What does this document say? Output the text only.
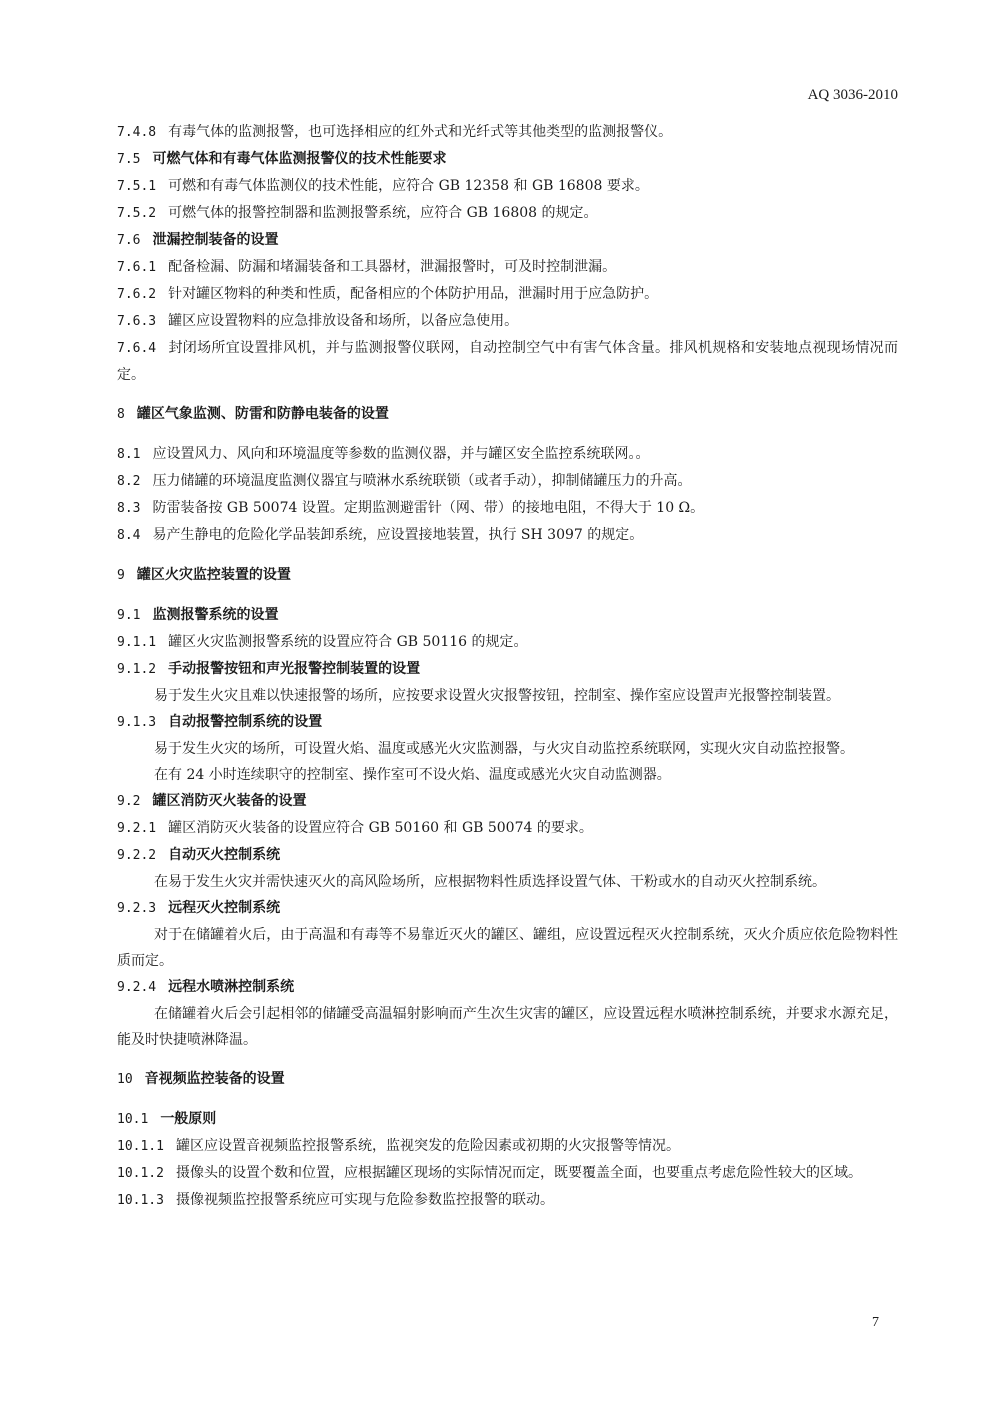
AQ 3036-2010
7.4.8 有毒气体的监测报警，也可选择相应的红外式和光纤式等其他类型的监测报警仪。
7.5 可燃气体和有毒气体监测报警仪的技术性能要求
7.5.1 可燃和有毒气体监测仪的技术性能，应符合 GB 12358 和 GB 16808 要求。
7.5.2 可燃气体的报警控制器和监测报警系统，应符合 GB 16808 的规定。
7.6 泄漏控制装备的设置
7.6.1 配备检漏、防漏和堵漏装备和工具器材，泄漏报警时，可及时控制泄漏。
7.6.2 针对罐区物料的种类和性质，配备相应的个体防护用品，泄漏时用于应急防护。
7.6.3 罐区应设置物料的应急排放设备和场所，以备应急使用。
7.6.4 封闭场所宜设置排风机，并与监测报警仪联网，自动控制空气中有害气体含量。排风机规格和安装地点视现场情况而定。
8 罐区气象监测、防雷和防静电装备的设置
8.1 应设置风力、风向和环境温度等参数的监测仪器，并与罐区安全监控系统联网。。
8.2 压力储罐的环境温度监测仪器宜与喷淋水系统联锁（或者手动），抑制储罐压力的升高。
8.3 防雷装备按 GB 50074 设置。定期监测避雷针（网、带）的接地电阻，不得大于 10 Ω。
8.4 易产生静电的危险化学品装卸系统，应设置接地装置，执行 SH 3097 的规定。
9 罐区火灾监控装置的设置
9.1 监测报警系统的设置
9.1.1 罐区火灾监测报警系统的设置应符合 GB 50116 的规定。
9.1.2 手动报警按钮和声光报警控制装置的设置
易于发生火灾且难以快速报警的场所，应按要求设置火灾报警按钮，控制室、操作室应设置声光报警控制装置。
9.1.3 自动报警控制系统的设置
易于发生火灾的场所，可设置火焰、温度或感光火灾监测器，与火灾自动监控系统联网，实现火灾自动监控报警。
在有 24 小时连续职守的控制室、操作室可不设火焰、温度或感光火灾自动监测器。
9.2 罐区消防灭火装备的设置
9.2.1 罐区消防灭火装备的设置应符合 GB 50160 和 GB 50074 的要求。
9.2.2 自动灭火控制系统
在易于发生火灾并需快速灭火的高风险场所，应根据物料性质选择设置气体、干粉或水的自动灭火控制系统。
9.2.3 远程灭火控制系统
对于在储罐着火后，由于高温和有毒等不易靠近灭火的罐区、罐组，应设置远程灭火控制系统，灭火介质应依危险物料性质而定。
9.2.4 远程水喷淋控制系统
在储罐着火后会引起相邻的储罐受高温辐射影响而产生次生灾害的罐区，应设置远程水喷淋控制系统，并要求水源充足，能及时快捷喷淋降温。
10 音视频监控装备的设置
10.1 一般原则
10.1.1 罐区应设置音视频监控报警系统，监视突发的危险因素或初期的火灾报警等情况。
10.1.2 摄像头的设置个数和位置，应根据罐区现场的实际情况而定，既要覆盖全面，也要重点考虑危险性较大的区域。
10.1.3 摄像视频监控报警系统应可实现与危险参数监控报警的联动。
7
